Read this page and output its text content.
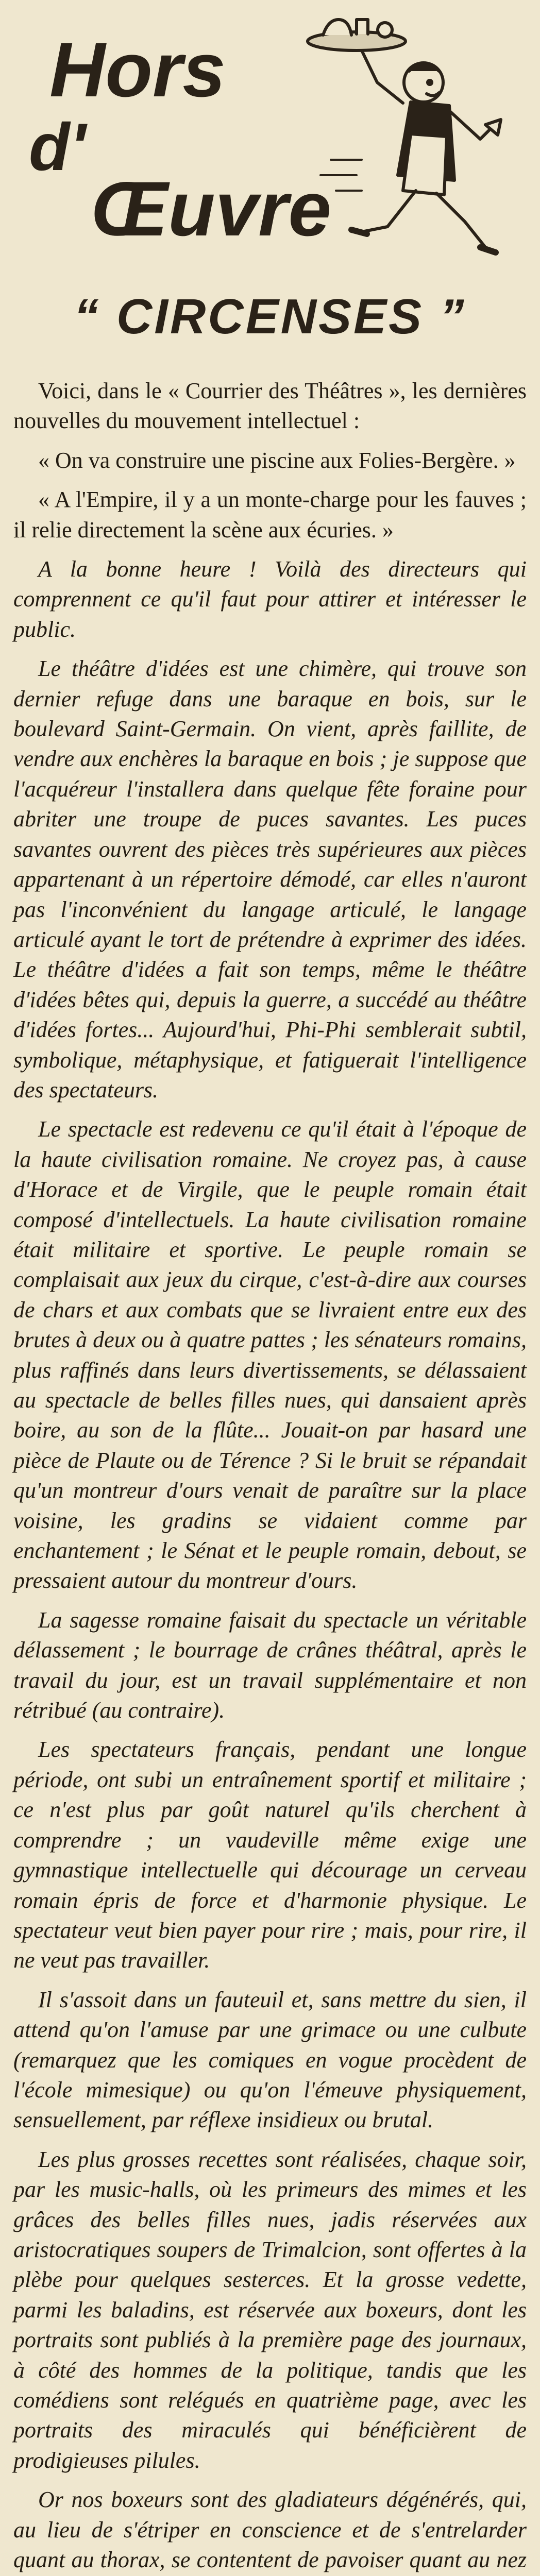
Hors
d'
Œuvre
“ CIRCENSES ”

Voici, dans le « Courrier des Théâtres », les dernières nouvelles du mouvement intellectuel :

« On va construire une piscine aux Folies-Bergère. »

« A l'Empire, il y a un monte-charge pour les fauves ; il relie directement la scène aux écuries. »

A la bonne heure ! Voilà des directeurs qui comprennent ce qu'il faut pour attirer et intéresser le public.

Le théâtre d'idées est une chimère, qui trouve son dernier refuge dans une baraque en bois, sur le boulevard Saint-Germain. On vient, après faillite, de vendre aux enchères la baraque en bois ; je suppose que l'acquéreur l'installera dans quelque fête foraine pour abriter une troupe de puces savantes. Les puces savantes ouvrent des pièces très supérieures aux pièces appartenant à un répertoire démodé, car elles n'auront pas l'inconvénient du langage articulé, le langage articulé ayant le tort de prétendre à exprimer des idées. Le théâtre d'idées a fait son temps, même le théâtre d'idées bêtes qui, depuis la guerre, a succédé au théâtre d'idées fortes... Aujourd'hui, Phi-Phi semblerait subtil, symbolique, métaphysique, et fatiguerait l'intelligence des spectateurs.

Le spectacle est redevenu ce qu'il était à l'époque de la haute civilisation romaine. Ne croyez pas, à cause d'Horace et de Virgile, que le peuple romain était composé d'intellectuels. La haute civilisation romaine était militaire et sportive. Le peuple romain se complaisait aux jeux du cirque, c'est-à-dire aux courses de chars et aux combats que se livraient entre eux des brutes à deux ou à quatre pattes ; les sénateurs romains, plus raffinés dans leurs divertissements, se délassaient au spectacle de belles filles nues, qui dansaient après boire, au son de la flûte... Jouait-on par hasard une pièce de Plaute ou de Térence ? Si le bruit se répandait qu'un montreur d'ours venait de paraître sur la place voisine, les gradins se vidaient comme par enchantement ; le Sénat et le peuple romain, debout, se pressaient autour du montreur d'ours.

La sagesse romaine faisait du spectacle un véritable délassement ; le bourrage de crânes théâtral, après le travail du jour, est un travail supplémentaire et non rétribué (au contraire).

Les spectateurs français, pendant une longue période, ont subi un entraînement sportif et militaire ; ce n'est plus par goût naturel qu'ils cherchent à comprendre ; un vaudeville même exige une gymnastique intellectuelle qui décourage un cerveau romain épris de force et d'harmonie physique. Le spectateur veut bien payer pour rire ; mais, pour rire, il ne veut pas travailler.

Il s'assoit dans un fauteuil et, sans mettre du sien, il attend qu'on l'amuse par une grimace ou une culbute (remarquez que les comiques en vogue procèdent de l'école mimesique) ou qu'on l'émeuve physiquement, sensuellement, par réflexe insidieux ou brutal.

Les plus grosses recettes sont réalisées, chaque soir, par les music-halls, où les primeurs des mimes et les grâces des belles filles nues, jadis réservées aux aristocratiques soupers de Trimalcion, sont offertes à la plèbe pour quelques sesterces. Et la grosse vedette, parmi les baladins, est réservée aux boxeurs, dont les portraits sont publiés à la première page des journaux, à côté des hommes de la politique, tandis que les comédiens sont relégués en quatrième page, avec les portraits des miraculés qui bénéficièrent de prodigieuses pilules.

Or nos boxeurs sont des gladiateurs dégénérés, qui, au lieu de s'étriper en conscience et de s'entrelarder quant au thorax, se contentent de pavoiser quant au nez
